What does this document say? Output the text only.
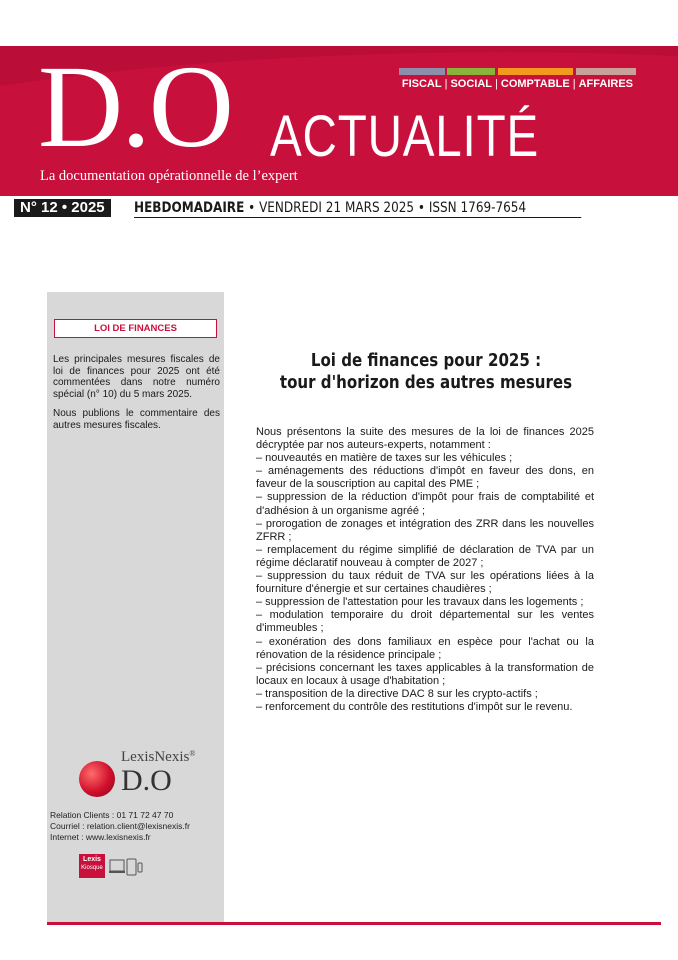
D.O ACTUALITÉ
La documentation opérationnelle de l’expert
FISCAL | SOCIAL | COMPTABLE | AFFAIRES
N° 12 • 2025	HEBDOMADAIRE • VENDREDI 21 MARS 2025 • ISSN 1769-7654
LOI DE FINANCES

Les principales mesures fiscales de loi de finances pour 2025 ont été commentées dans notre numéro spécial (n° 10) du 5 mars 2025.

Nous publions le commentaire des autres mesures fiscales.

LexisNexis®
D.O
Relation Clients : 01 71 72 47 70
Courriel : relation.client@lexisnexis.fr
Internet : www.lexisnexis.fr
Lexis
Kiosque
Loi de finances pour 2025 :
tour d'horizon des autres mesures

Nous présentons la suite des mesures de la loi de finances 2025 décryptée par nos auteurs-experts, notamment :

– nouveautés en matière de taxes sur les véhicules ;

– aménagements des réductions d'impôt en faveur des dons, en faveur de la souscription au capital des PME ;

– suppression de la réduction d'impôt pour frais de comptabilité et d'adhésion à un organisme agréé ;

– prorogation de zonages et intégration des ZRR dans les nouvelles ZFRR ;

– remplacement du régime simplifié de déclaration de TVA par un régime déclaratif nouveau à compter de 2027 ;

– suppression du taux réduit de TVA sur les opérations liées à la fourniture d'énergie et sur certaines chaudières ;

– suppression de l'attestation pour les travaux dans les logements ;

– modulation temporaire du droit départemental sur les ventes d'immeubles ;

– exonération des dons familiaux en espèce pour l'achat ou la rénovation de la résidence principale ;

– précisions concernant les taxes applicables à la transformation de locaux en locaux à usage d'habitation ;

– transposition de la directive DAC 8 sur les crypto-actifs ;

– renforcement du contrôle des restitutions d'impôt sur le revenu.
